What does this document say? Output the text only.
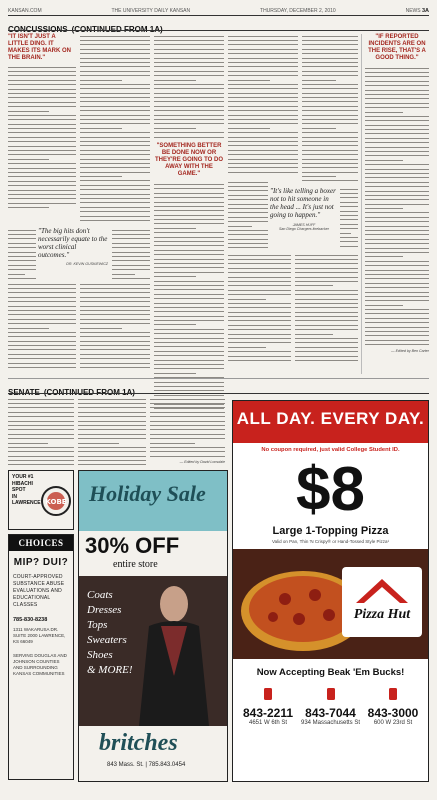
KANSAN.COM	THE UNIVERSITY DAILY KANSAN	THURSDAY, DECEMBER 2, 2010	NEWS 3A
"IT ISN'T JUST A LITTLE DING. IT MAKES ITS MARK ON THE BRAIN."
"The big hits don't necessarily equate to the worst clinical outcomes."
DR. KEVIN GUSKIEWICZ
"SOMETHING BETTER BE DONE NOW OR THEY'RE GOING TO DO AWAY WITH THE GAME."
"It's like telling a boxer not to hit someone in the head ... It's just not going to happen."
JAMES HUFF
San Diego Chargers linebacker
"IF REPORTED INCIDENTS ARE ON THE RISE, THAT'S A GOOD THING."
— Edited by Ben Carter
— Edited by David Lonsdale
YOUR #1
HIBACHI
SPOT
IN
LAWRENCE KOBE
CHOICES
MIP? DUI?
COURT-APPROVED SUBSTANCE ABUSE EVALUATIONS AND EDUCATIONAL CLASSES
785-830-8238
1311 WAKARUSA DR. SUITE 2000 LAWRENCE, KS 66049
SERVING DOUGLAS AND JOHNSON COUNTIES AND SURROUNDING KANSAS COMMUNITIES
Holiday Sale
30% OFF
entire store
Coats
Dresses
Tops
Sweaters
Shoes
& MORE!
britches
843 Mass. St. | 785.843.0454
ALL DAY. EVERY DAY.
No coupon required, just valid College Student ID.
$8
Large 1-Topping Pizza
Valid on Pan, Thin 'N Crispy® or Hand-Tossed Style Pizza¹
Pizza Hut
Now Accepting Beak 'Em Bucks!
843-2211
4651 W 6th St
843-7044
934 Massachusetts St
843-3000
600 W 23rd St
